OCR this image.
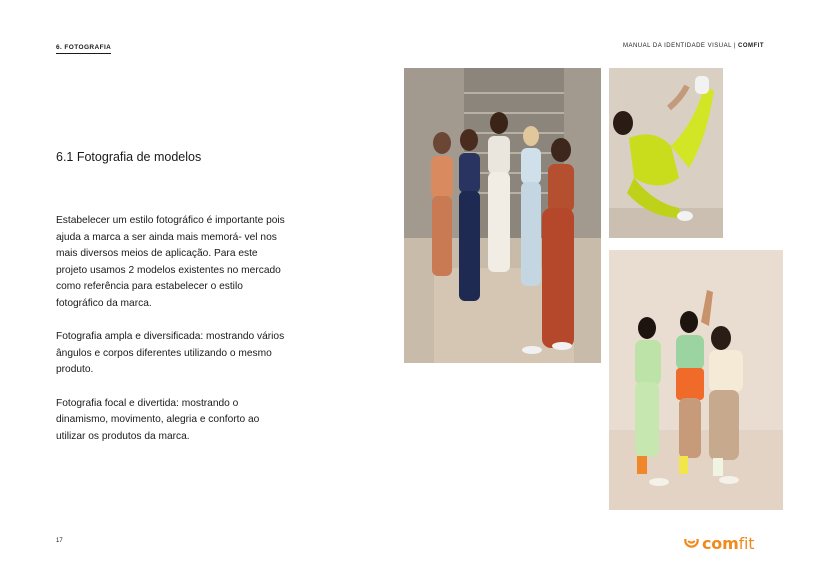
6. FOTOGRAFIA	MANUAL DA IDENTIDADE VISUAL | COMFIT
6.1 Fotografia de modelos

Estabelecer um estilo fotográfico é importante pois ajuda a marca a ser ainda mais memorá- vel nos mais diversos meios de aplicação. Para este projeto usamos 2 modelos existentes no mercado como referência para estabelecer o estilo fotográfico da marca.

Fotografia ampla e diversificada: mostrando vários ângulos e corpos diferentes utilizando o mesmo produto.

Fotografia focal e divertida: mostrando o dinamismo, movimento, alegria e conforto ao utilizar os produtos da marca.

17	comfit
